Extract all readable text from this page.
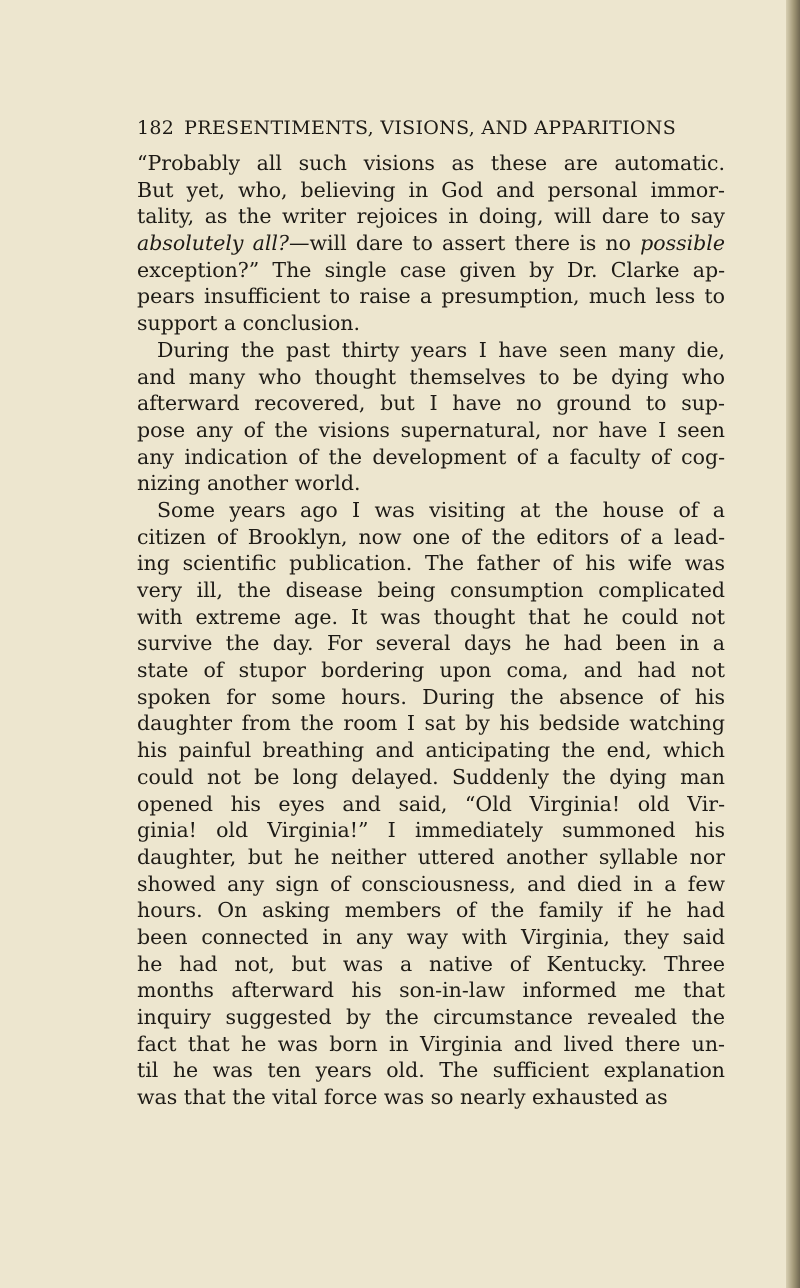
182 PRESENTIMENTS, VISIONS, AND APPARITIONS
“Probably all such visions as these are automatic.
But yet, who, believing in God and personal immor-
tality, as the writer rejoices in doing, will dare to say
absolutely all?—will dare to assert there is no possible
exception?” The single case given by Dr. Clarke ap-
pears insufficient to raise a presumption, much less to
support a conclusion.
During the past thirty years I have seen many die,
and many who thought themselves to be dying who
afterward recovered, but I have no ground to sup-
pose any of the visions supernatural, nor have I seen
any indication of the development of a faculty of cog-
nizing another world.
Some years ago I was visiting at the house of a
citizen of Brooklyn, now one of the editors of a lead-
ing scientific publication. The father of his wife was
very ill, the disease being consumption complicated
with extreme age. It was thought that he could not
survive the day. For several days he had been in a
state of stupor bordering upon coma, and had not
spoken for some hours. During the absence of his
daughter from the room I sat by his bedside watching
his painful breathing and anticipating the end, which
could not be long delayed. Suddenly the dying man
opened his eyes and said, “Old Virginia! old Vir-
ginia! old Virginia!” I immediately summoned his
daughter, but he neither uttered another syllable nor
showed any sign of consciousness, and died in a few
hours. On asking members of the family if he had
been connected in any way with Virginia, they said
he had not, but was a native of Kentucky. Three
months afterward his son-in-law informed me that
inquiry suggested by the circumstance revealed the
fact that he was born in Virginia and lived there un-
til he was ten years old. The sufficient explanation
was that the vital force was so nearly exhausted as
